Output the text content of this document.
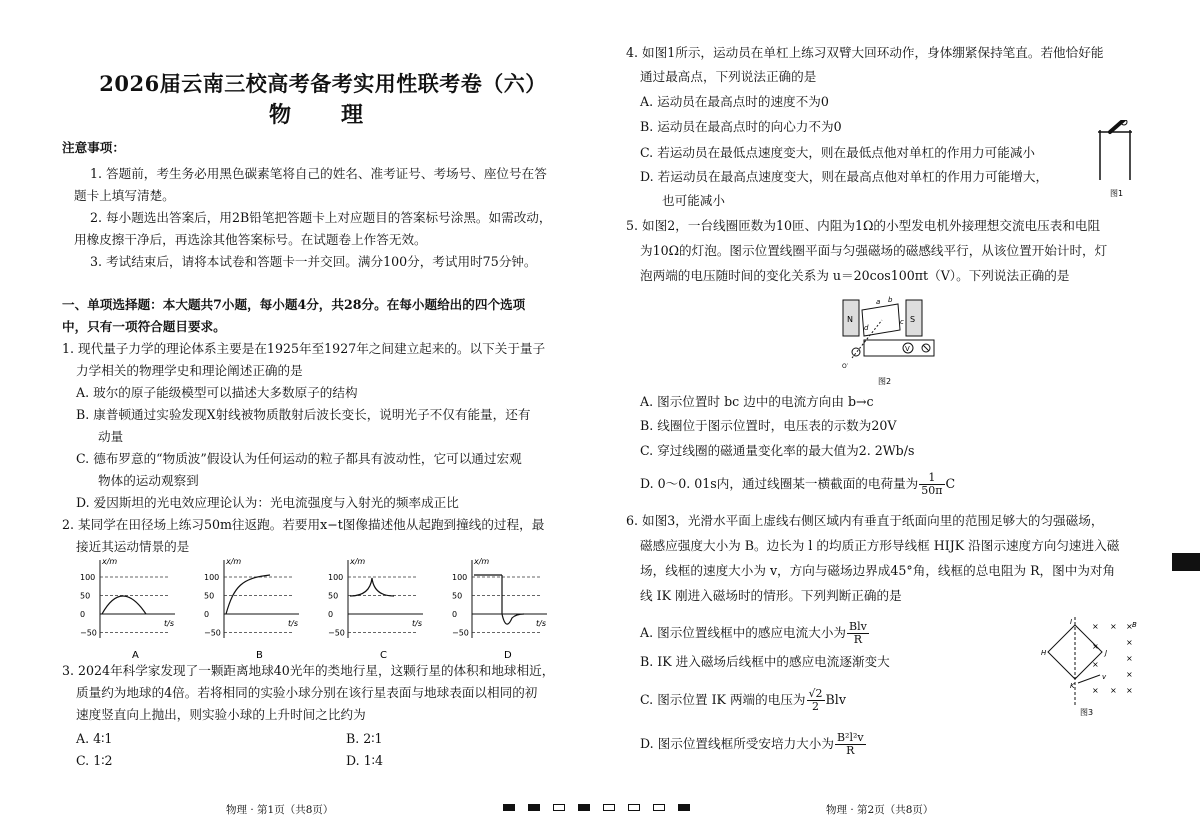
2026届云南三校高考备考实用性联考卷（六）
物　理
注意事项：
1. 答题前，考生务必用黑色碳素笔将自己的姓名、准考证号、考场号、座位号在答
题卡上填写清楚。
2. 每小题选出答案后，用2B铅笔把答题卡上对应题目的答案标号涂黑。如需改动，
用橡皮擦干净后，再选涂其他答案标号。在试题卷上作答无效。
3. 考试结束后，请将本试卷和答题卡一并交回。满分100分，考试用时75分钟。
一、单项选择题：本大题共7小题，每小题4分，共28分。在每小题给出的四个选项
中，只有一项符合题目要求。
1. 现代量子力学的理论体系主要是在1925年至1927年之间建立起来的。以下关于量子
力学相关的物理学史和理论阐述正确的是
A. 玻尔的原子能级模型可以描述大多数原子的结构
B. 康普顿通过实验发现X射线被物质散射后波长变长，说明光子不仅有能量，还有
动量
C. 德布罗意的“物质波”假设认为任何运动的粒子都具有波动性，它可以通过宏观
物体的运动观察到
D. 爱因斯坦的光电效应理论认为：光电流强度与入射光的频率成正比
2. 某同学在田径场上练习50m往返跑。若要用x−t图像描述他从起跑到撞线的过程，最
接近其运动情景的是
100
50
0
−50
x/m
t/s
A
100
50
0
−50
x/m
t/s
B
100
50
0
−50
x/m
t/s
C
100
50
0
−50
x/m
t/s
D
3. 2024年科学家发现了一颗距离地球40光年的类地行星，这颗行星的体积和地球相近，
质量约为地球的4倍。若将相同的实验小球分别在该行星表面与地球表面以相同的初
速度竖直向上抛出，则实验小球的上升时间之比约为
A. 4∶1	B. 2∶1
C. 1∶2	D. 1∶4
物理 · 第1页（共8页）	物理 · 第2页（共8页）
4. 如图1所示，运动员在单杠上练习双臂大回环动作，身体绷紧保持笔直。若他恰好能
通过最高点，下列说法正确的是
A. 运动员在最高点时的速度不为0
B. 运动员在最高点时的向心力不为0
C. 若运动员在最低点速度变大，则在最低点他对单杠的作用力可能减小
D. 若运动员在最高点速度变大，则在最高点他对单杠的作用力可能增大，
也可能减小
5. 如图2，一台线圈匝数为10匝、内阻为1Ω的小型发电机外接理想交流电压表和电阻
为10Ω的灯泡。图示位置线圈平面与匀强磁场的磁感线平行，从该位置开始计时，灯
泡两端的电压随时间的变化关系为 u＝20cos100πt（V）。下列说法正确的是
A. 图示位置时 bc 边中的电流方向由 b→c
B. 线圈位于图示位置时，电压表的示数为20V
C. 穿过线圈的磁通量变化率的最大值为2. 2Wb/s
D. 0～0. 01s内，通过线圈某一横截面的电荷量为 $\frac{1}{50\pi}$ C
6. 如图3，光滑水平面上虚线右侧区域内有垂直于纸面向里的范围足够大的匀强磁场，
磁感应强度大小为 B。边长为 l 的均质正方形导线框 HIJK 沿图示速度方向匀速进入磁
场，线框的速度大小为 v，方向与磁场边界成45°角，线框的总电阻为 R，图中为对角
线 IK 刚进入磁场时的情形。下列判断正确的是
A. 图示位置线框中的感应电流大小为 $\frac{\text{Blv}}{R}$
B. IK 进入磁场后线框中的感应电流逐渐变大
C. 图示位置 IK 两端的电压为 $\frac{√2}{2}$ Blv
D. 图示位置线框所受安培力大小为 $\frac{\text{B²l²v}}{R}$
图1
N	S
a b
c
d
V
O′
图2
×
×
×
×
×
×
×
×
×
×
×
I
J
K
H
B
v
图3
